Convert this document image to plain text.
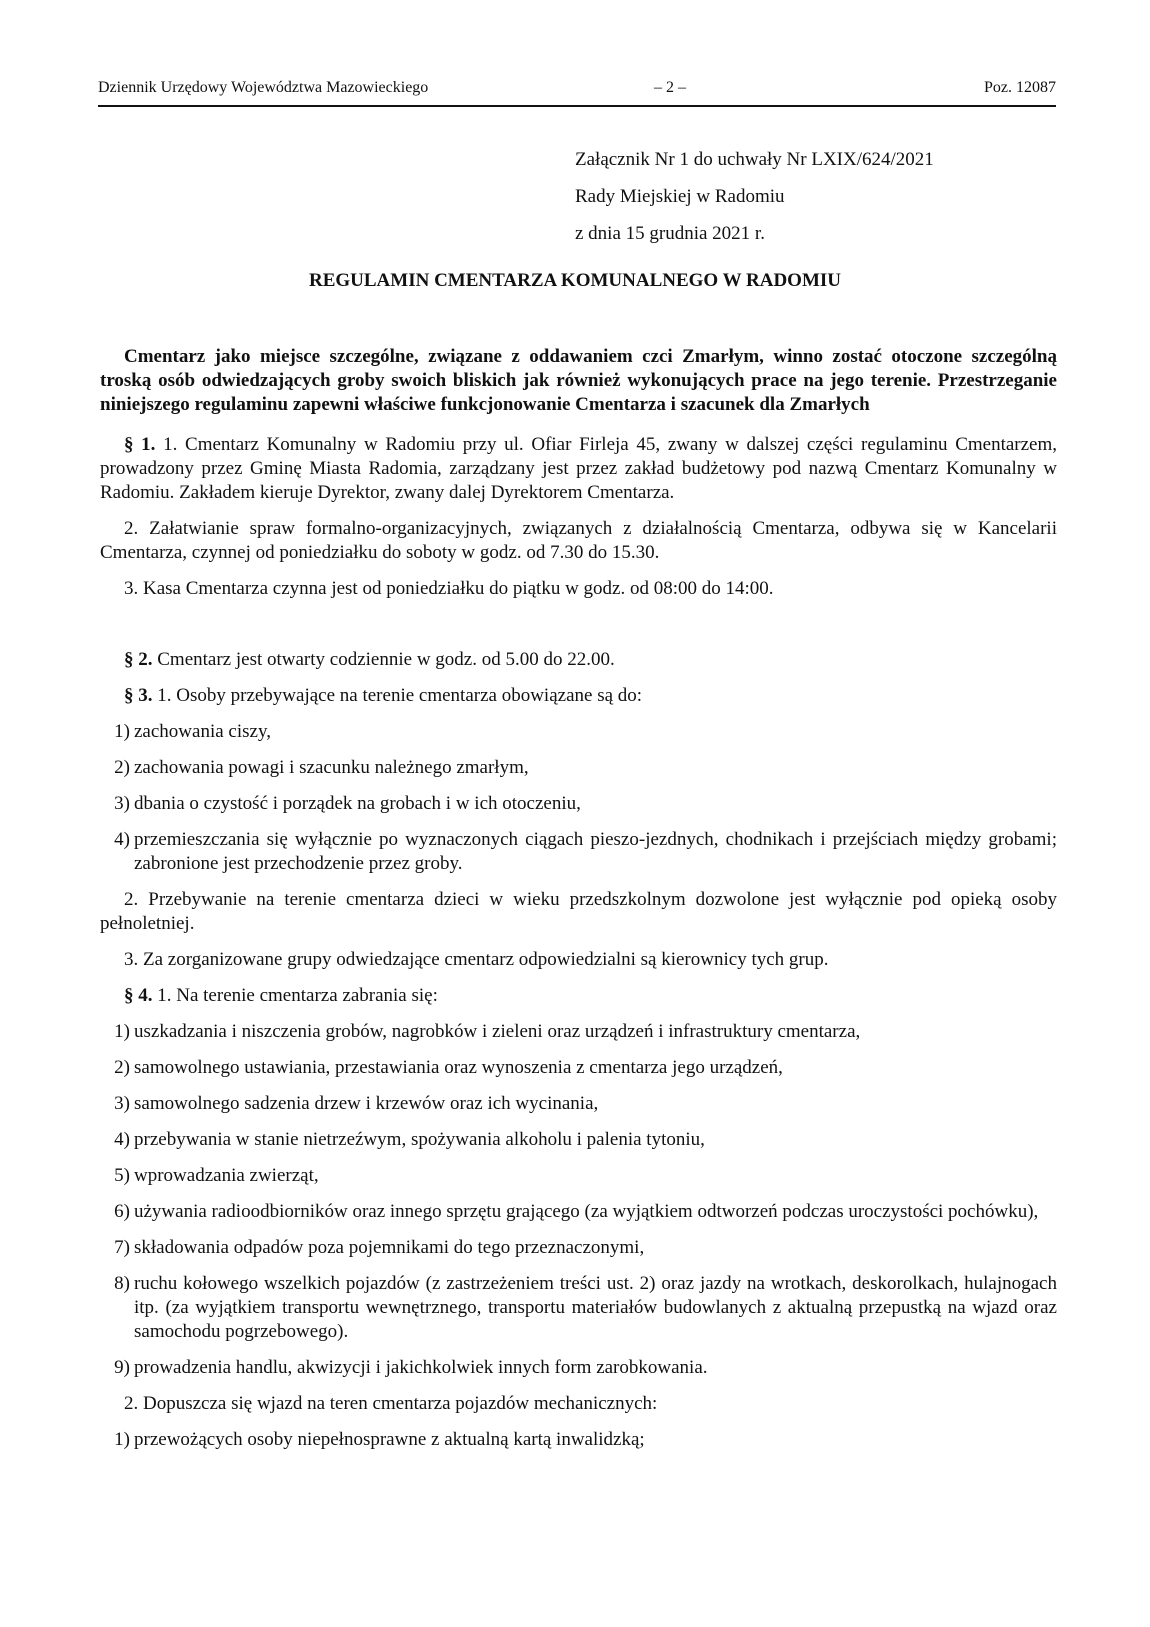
Dziennik Urzędowy Województwa Mazowieckiego	– 2 –	Poz. 12087
Załącznik Nr 1 do uchwały Nr LXIX/624/2021
Rady Miejskiej w Radomiu
z dnia 15 grudnia 2021 r.
REGULAMIN CMENTARZA KOMUNALNEGO W RADOMIU

Cmentarz jako miejsce szczególne, związane z oddawaniem czci Zmarłym, winno zostać otoczone szczególną troską osób odwiedzających groby swoich bliskich jak również wykonujących prace na jego terenie. Przestrzeganie niniejszego regulaminu zapewni właściwe funkcjonowanie Cmentarza i szacunek dla Zmarłych

§ 1. 1. Cmentarz Komunalny w Radomiu przy ul. Ofiar Firleja 45, zwany w dalszej części regulaminu Cmentarzem, prowadzony przez Gminę Miasta Radomia, zarządzany jest przez zakład budżetowy pod nazwą Cmentarz Komunalny w Radomiu. Zakładem kieruje Dyrektor, zwany dalej Dyrektorem Cmentarza.

2. Załatwianie spraw formalno-organizacyjnych, związanych z działalnością Cmentarza, odbywa się w Kancelarii Cmentarza, czynnej od poniedziałku do soboty w godz. od 7.30 do 15.30.

3. Kasa Cmentarza czynna jest od poniedziałku do piątku w godz. od 08:00 do 14:00.

§ 2. Cmentarz jest otwarty codziennie w godz. od 5.00 do 22.00.

§ 3. 1. Osoby przebywające na terenie cmentarza obowiązane są do:

1) zachowania ciszy,
2) zachowania powagi i szacunku należnego zmarłym,
3) dbania o czystość i porządek na grobach i w ich otoczeniu,
4) przemieszczania się wyłącznie po wyznaczonych ciągach pieszo-jezdnych, chodnikach i przejściach między grobami; zabronione jest przechodzenie przez groby.

2. Przebywanie na terenie cmentarza dzieci w wieku przedszkolnym dozwolone jest wyłącznie pod opieką osoby pełnoletniej.

3. Za zorganizowane grupy odwiedzające cmentarz odpowiedzialni są kierownicy tych grup.

§ 4. 1. Na terenie cmentarza zabrania się:

1) uszkadzania i niszczenia grobów, nagrobków i zieleni oraz urządzeń i infrastruktury cmentarza,
2) samowolnego ustawiania, przestawiania oraz wynoszenia z cmentarza jego urządzeń,
3) samowolnego sadzenia drzew i krzewów oraz ich wycinania,
4) przebywania w stanie nietrzeźwym, spożywania alkoholu i palenia tytoniu,
5) wprowadzania zwierząt,
6) używania radioodbiorników oraz innego sprzętu grającego (za wyjątkiem odtworzeń podczas uroczystości pochówku),
7) składowania odpadów poza pojemnikami do tego przeznaczonymi,
8) ruchu kołowego wszelkich pojazdów (z zastrzeżeniem treści ust. 2) oraz jazdy na wrotkach, deskorolkach, hulajnogach itp. (za wyjątkiem transportu wewnętrznego, transportu materiałów budowlanych z aktualną przepustką na wjazd oraz samochodu pogrzebowego).
9) prowadzenia handlu, akwizycji i jakichkolwiek innych form zarobkowania.

2. Dopuszcza się wjazd na teren cmentarza pojazdów mechanicznych:

1) przewożących osoby niepełnosprawne z aktualną kartą inwalidzką;
